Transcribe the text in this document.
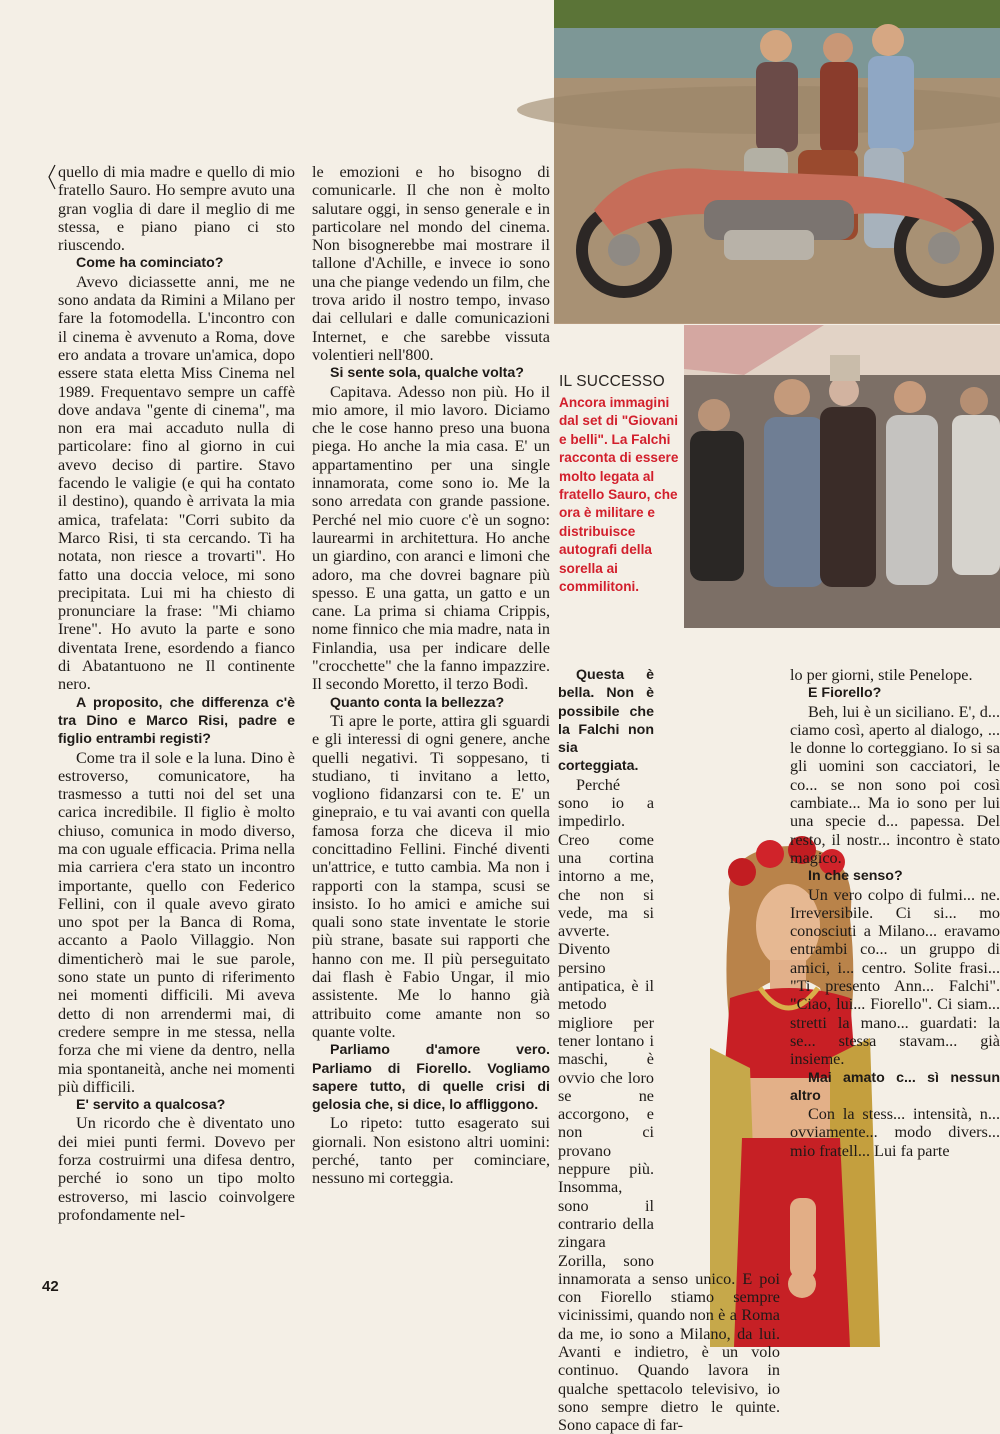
IL SUCCESSO
Ancora immagini dal set di "Giovani e belli". La Falchi racconta di essere molto legata al fratello Sauro, che ora è militare e distribuisce autografi della sorella ai commilitoni.

quello di mia madre e quello di mio fratello Sauro. Ho sempre avuto una gran voglia di dare il meglio di me stessa, e piano piano ci sto riuscendo.

Come ha cominciato?

Avevo diciassette anni, me ne sono andata da Rimini a Milano per fare la fotomodella. L'incontro con il cinema è avvenuto a Roma, dove ero andata a trovare un'amica, dopo essere stata eletta Miss Cinema nel 1989. Frequentavo sempre un caffè dove andava "gente di cinema", ma non era mai accaduto nulla di particolare: fino al giorno in cui avevo deciso di partire. Stavo facendo le valigie (e qui ha contato il destino), quando è arrivata la mia amica, trafelata: "Corri subito da Marco Risi, ti sta cercando. Ti ha notata, non riesce a trovarti". Ho fatto una doccia veloce, mi sono precipitata. Lui mi ha chiesto di pronunciare la frase: "Mi chiamo Irene". Ho avuto la parte e sono diventata Irene, esordendo a fianco di Abatantuono ne Il continente nero.

A proposito, che differenza c'è tra Dino e Marco Risi, padre e figlio entrambi registi?

Come tra il sole e la luna. Dino è estroverso, comunicatore, ha trasmesso a tutti noi del set una carica incredibile. Il figlio è molto chiuso, comunica in modo diverso, ma con uguale efficacia. Prima nella mia carriera c'era stato un incontro importante, quello con Federico Fellini, con il quale avevo girato uno spot per la Banca di Roma, accanto a Paolo Villaggio. Non dimenticherò mai le sue parole, sono state un punto di riferimento nei momenti difficili. Mi aveva detto di non arrendermi mai, di credere sempre in me stessa, nella forza che mi viene da dentro, nella mia spontaneità, anche nei momenti più difficili.

E' servito a qualcosa?

Un ricordo che è diventato uno dei miei punti fermi. Dovevo per forza costruirmi una difesa dentro, perché io sono un tipo molto estroverso, mi lascio coinvolgere profondamente nel-

le emozioni e ho bisogno di comunicarle. Il che non è molto salutare oggi, in senso generale e in particolare nel mondo del cinema. Non bisognerebbe mai mostrare il tallone d'Achille, e invece io sono una che piange vedendo un film, che trova arido il nostro tempo, invaso dai cellulari e dalle comunicazioni Internet, e che sarebbe vissuta volentieri nell'800.

Si sente sola, qualche volta?

Capitava. Adesso non più. Ho il mio amore, il mio lavoro. Diciamo che le cose hanno preso una buona piega. Ho anche la mia casa. E' un appartamentino per una single innamorata, come sono io. Me la sono arredata con grande passione. Perché nel mio cuore c'è un sogno: laurearmi in architettura. Ho anche un giardino, con aranci e limoni che adoro, ma che dovrei bagnare più spesso. E una gatta, un gatto e un cane. La prima si chiama Crippis, nome finnico che mia madre, nata in Finlandia, usa per indicare delle "crocchette" che la fanno impazzire. Il secondo Moretto, il terzo Bodì.

Quanto conta la bellezza?

Ti apre le porte, attira gli sguardi e gli interessi di ogni genere, anche quelli negativi. Ti soppesano, ti studiano, ti invitano a letto, vogliono fidanzarsi con te. E' un ginepraio, e tu vai avanti con quella famosa forza che diceva il mio concittadino Fellini. Finché diventi un'attrice, e tutto cambia. Ma non i rapporti con la stampa, scusi se insisto. Io ho amici e amiche sui quali sono state inventate le storie più strane, basate sui rapporti che hanno con me. Il più perseguitato dai flash è Fabio Ungar, il mio assistente. Me lo hanno già attribuito come amante non so quante volte.

Parliamo d'amore vero. Parliamo di Fiorello. Vogliamo sapere tutto, di quelle crisi di gelosia che, si dice, lo affliggono.

Lo ripeto: tutto esagerato sui giornali. Non esistono altri uomini: perché, tanto per cominciare, nessuno mi corteggia.

Questa è bella. Non è possibile che la Falchi non sia corteggiata.

Perché sono io a impedirlo. Creo come una cortina intorno a me, che non si vede, ma si avverte. Divento persino antipatica, è il metodo migliore per tener lontano i maschi, è ovvio che loro se ne accorgono, e non ci provano neppure più. Insomma, sono il contrario della zingara Zorilla, sono innamorata a senso unico. E poi con Fiorello stiamo sempre vicinissimi, quando non è a Roma da me, io sono a Milano, da lui. Avanti e indietro, è un volo continuo. Quando lavora in qualche spettacolo televisivo, io sono sempre dietro le quinte. Sono capace di far-

lo per giorni, stile Penelope.

E Fiorello?

Beh, lui è un siciliano. E', d... ciamo così, aperto al dialogo, ... le donne lo corteggiano. Io si sa gli uomini son cacciatori, le co... se non sono poi così cambiate... Ma io sono per lui una specie d... papessa. Del resto, il nostr... incontro è stato magico.

In che senso?

Un vero colpo di fulmi... ne. Irreversibile. Ci si... mo conosciuti a Milano... eravamo entrambi co... un gruppo di amici, i... centro. Solite frasi... "Ti presento Ann... Falchi". "Ciao, lui... Fiorello". Ci siam... stretti la mano... guardati: la se... stessa stavam... già insieme.

Mai amato c... sì nessun altro

Con la stess... intensità, n... ovviamente... modo divers... mio fratell... Lui fa parte

42
